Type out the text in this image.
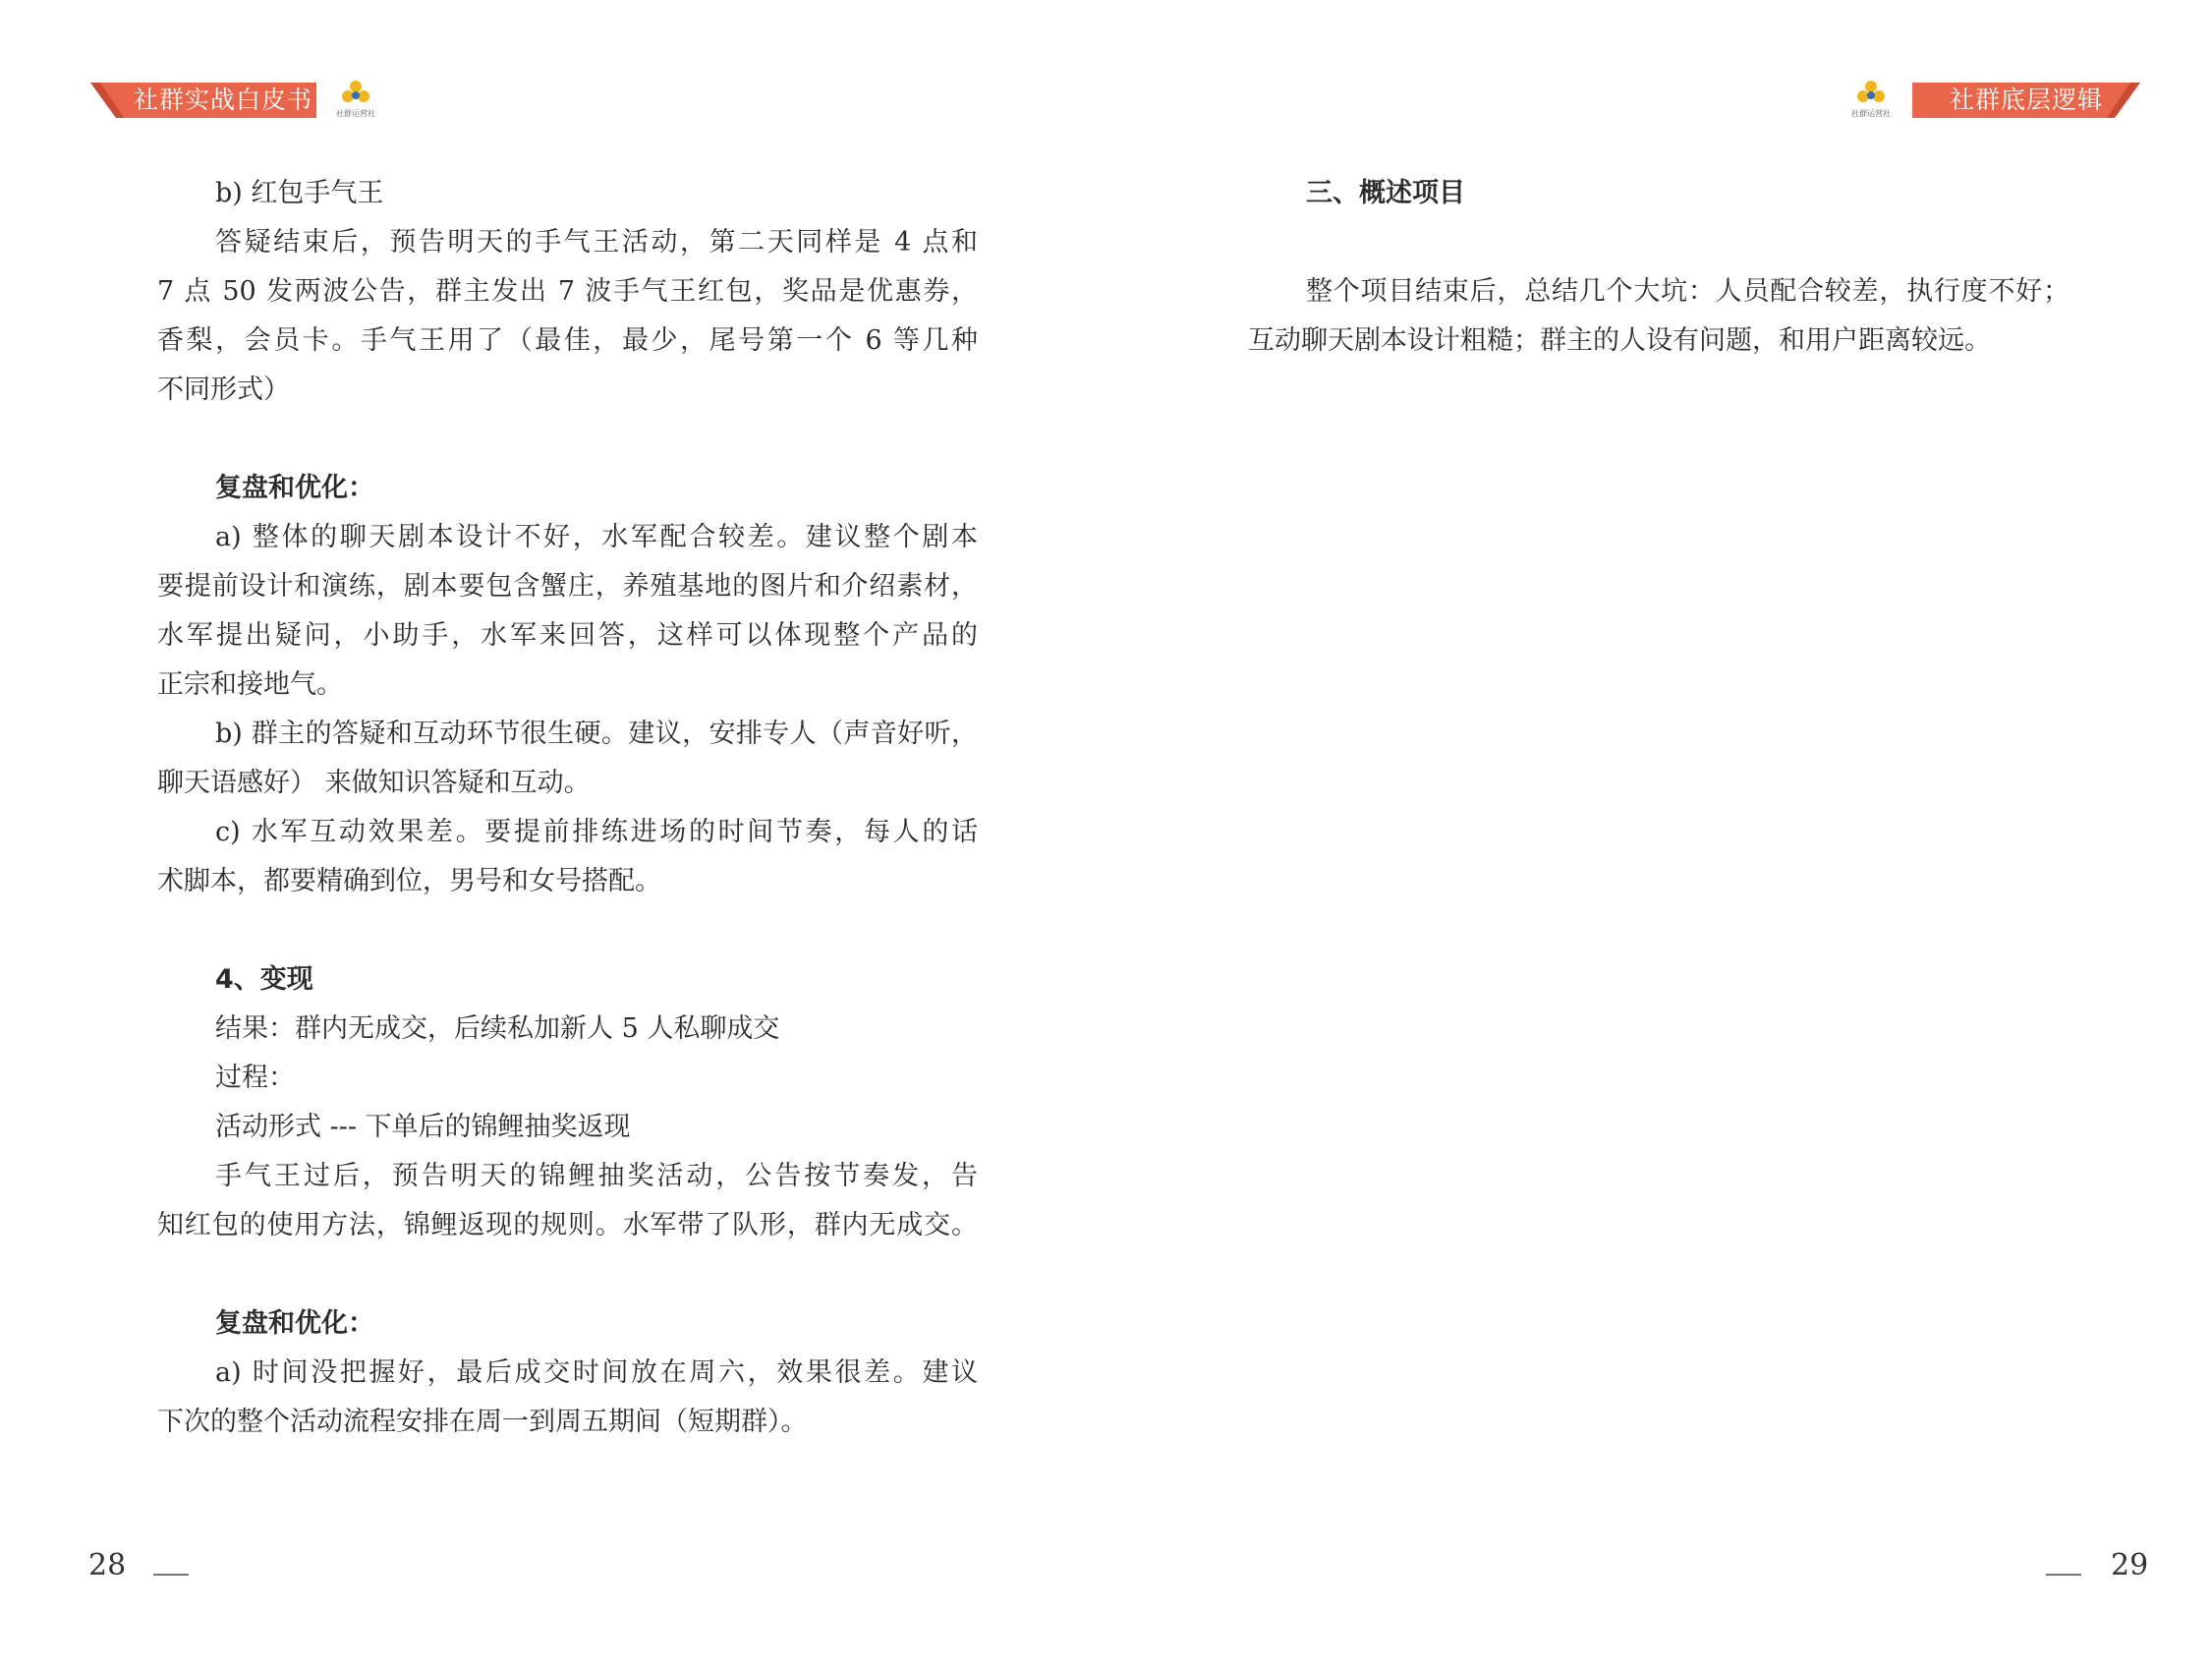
社群实战白皮书	社群运营社
b) 红包手气王
答疑结束后，预告明天的手气王活动，第二天同样是 4 点和
7 点 50 发两波公告，群主发出 7 波手气王红包，奖品是优惠券，
香梨，会员卡。手气王用了（最佳，最少，尾号第一个 6 等几种
不同形式）
复盘和优化：
a) 整体的聊天剧本设计不好，水军配合较差。建议整个剧本
要提前设计和演练，剧本要包含蟹庄，养殖基地的图片和介绍素材，
水军提出疑问，小助手，水军来回答，这样可以体现整个产品的
正宗和接地气。
b) 群主的答疑和互动环节很生硬。建议，安排专人（声音好听，
聊天语感好） 来做知识答疑和互动。
c) 水军互动效果差。要提前排练进场的时间节奏，每人的话
术脚本，都要精确到位，男号和女号搭配。
4、变现
结果：群内无成交，后续私加新人 5 人私聊成交
过程：
活动形式 --- 下单后的锦鲤抽奖返现
手气王过后，预告明天的锦鲤抽奖活动，公告按节奏发，告
知红包的使用方法，锦鲤返现的规则。水军带了队形，群内无成交。
复盘和优化：
a) 时间没把握好，最后成交时间放在周六，效果很差。建议
下次的整个活动流程安排在周一到周五期间（短期群）。
28
社群运营社	社群底层逻辑
三、概述项目
整个项目结束后，总结几个大坑：人员配合较差，执行度不好；
互动聊天剧本设计粗糙；群主的人设有问题，和用户距离较远。
29
